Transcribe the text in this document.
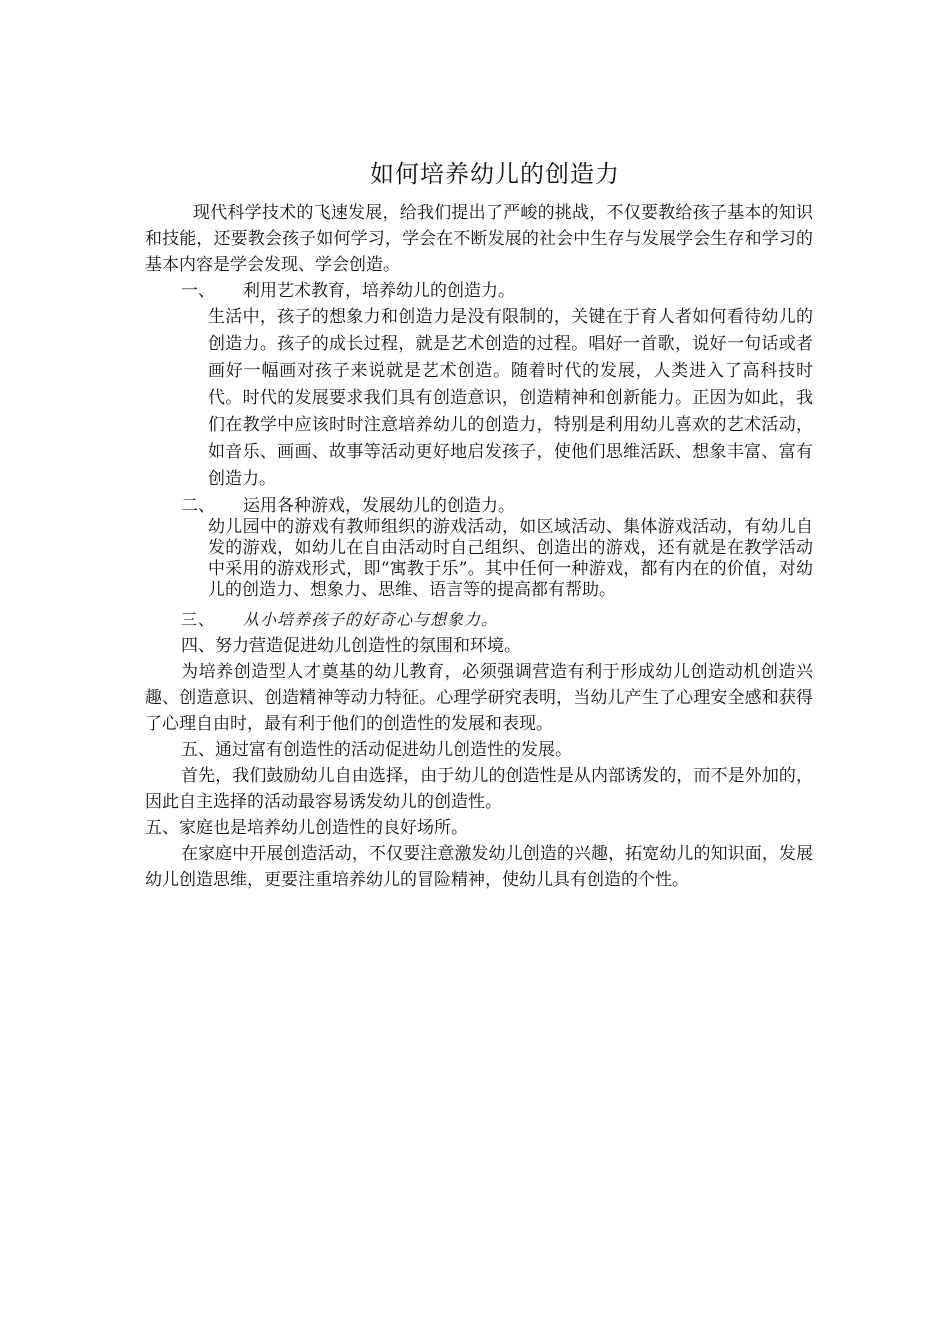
如何培养幼儿的创造力

现代科学技术的飞速发展，给我们提出了严峻的挑战，不仅要教给孩子基本的知识和技能，还要教会孩子如何学习，学会在不断发展的社会中生存与发展学会生存和学习的基本内容是学会发现、学会创造。

一、 利用艺术教育，培养幼儿的创造力。

生活中，孩子的想象力和创造力是没有限制的，关键在于育人者如何看待幼儿的创造力。孩子的成长过程，就是艺术创造的过程。唱好一首歌，说好一句话或者画好一幅画对孩子来说就是艺术创造。随着时代的发展，人类进入了高科技时代。时代的发展要求我们具有创造意识，创造精神和创新能力。正因为如此，我们在教学中应该时时注意培养幼儿的创造力，特别是利用幼儿喜欢的艺术活动，如音乐、画画、故事等活动更好地启发孩子，使他们思维活跃、想象丰富、富有创造力。

二、 运用各种游戏，发展幼儿的创造力。

幼儿园中的游戏有教师组织的游戏活动，如区域活动、集体游戏活动，有幼儿自发的游戏，如幼儿在自由活动时自己组织、创造出的游戏，还有就是在教学活动中采用的游戏形式，即“寓教于乐”。其中任何一种游戏，都有内在的价值，对幼儿的创造力、想象力、思维、语言等的提高都有帮助。

三、 从小培养孩子的好奇心与想象力。

四、努力营造促进幼儿创造性的氛围和环境。

为培养创造型人才奠基的幼儿教育，必须强调营造有利于形成幼儿创造动机创造兴趣、创造意识、创造精神等动力特征。心理学研究表明，当幼儿产生了心理安全感和获得了心理自由时，最有利于他们的创造性的发展和表现。

五、通过富有创造性的活动促进幼儿创造性的发展。

首先，我们鼓励幼儿自由选择，由于幼儿的创造性是从内部诱发的，而不是外加的，因此自主选择的活动最容易诱发幼儿的创造性。

五、家庭也是培养幼儿创造性的良好场所。

在家庭中开展创造活动，不仅要注意激发幼儿创造的兴趣，拓宽幼儿的知识面，发展幼儿创造思维，更要注重培养幼儿的冒险精神，使幼儿具有创造的个性。
